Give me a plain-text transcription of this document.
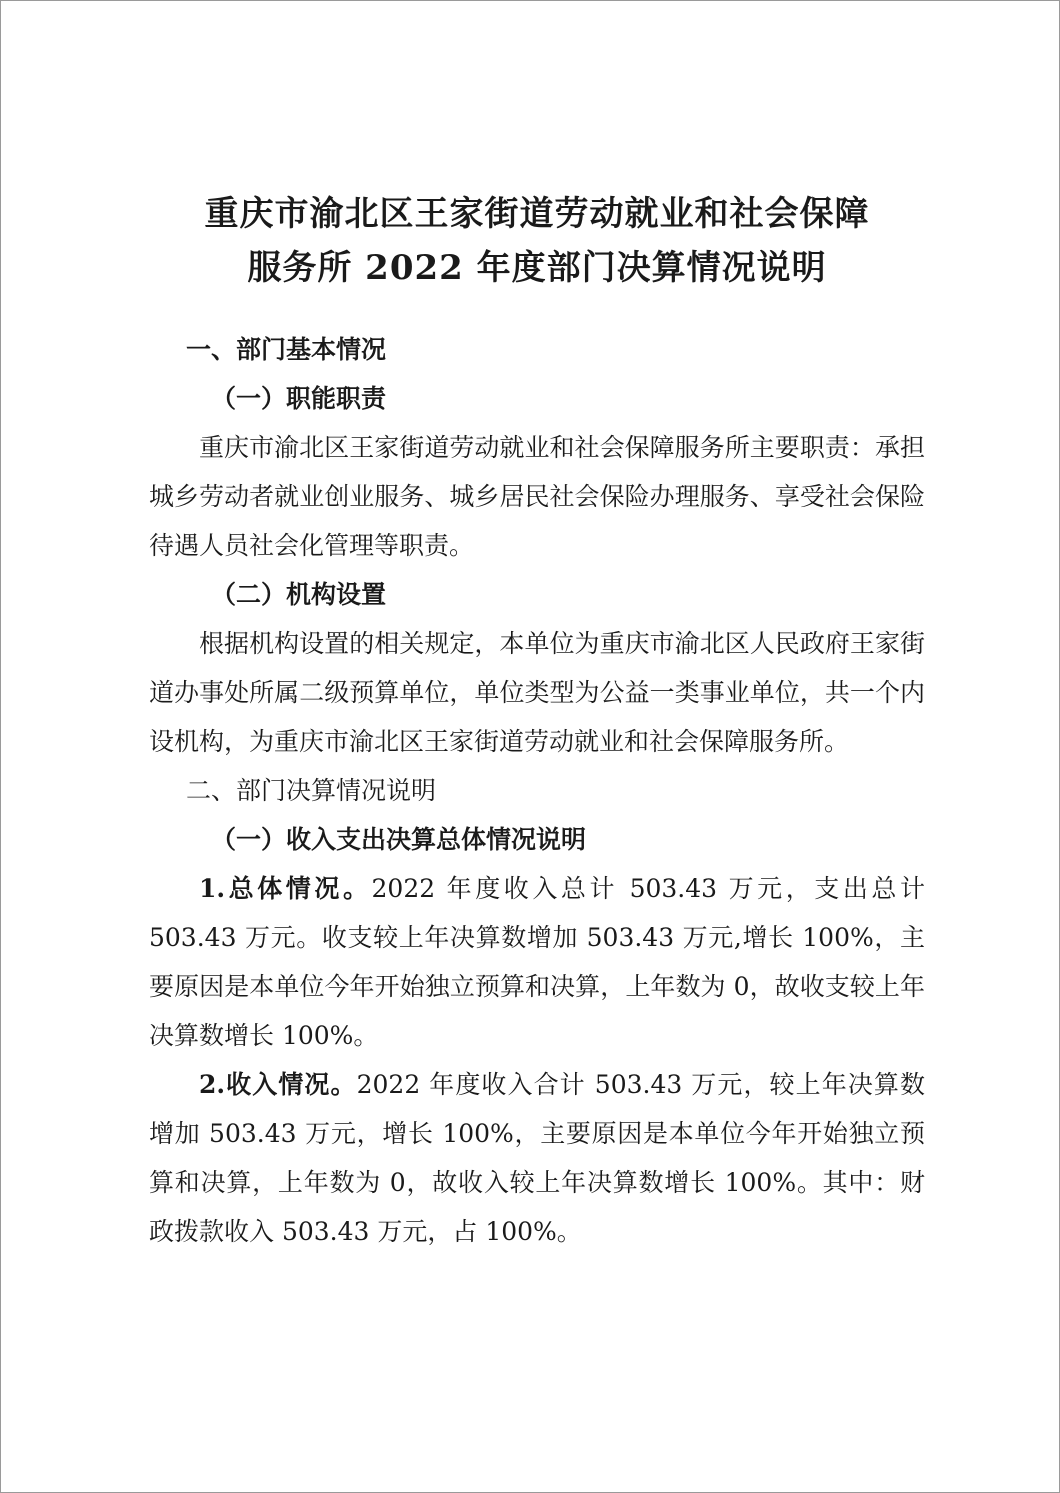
重庆市渝北区王家街道劳动就业和社会保障
服务所 2022 年度部门决算情况说明

一、部门基本情况

（一）职能职责

重庆市渝北区王家街道劳动就业和社会保障服务所主要职责：承担城乡劳动者就业创业服务、城乡居民社会保险办理服务、享受社会保险待遇人员社会化管理等职责。

（二）机构设置

根据机构设置的相关规定，本单位为重庆市渝北区人民政府王家街道办事处所属二级预算单位，单位类型为公益一类事业单位，共一个内设机构，为重庆市渝北区王家街道劳动就业和社会保障服务所。

二、部门决算情况说明

（一）收入支出决算总体情况说明

1.总体情况。2022 年度收入总计 503.43 万元，支出总计 503.43 万元。收支较上年决算数增加 503.43 万元,增长 100%，主要原因是本单位今年开始独立预算和决算，上年数为 0，故收支较上年决算数增长 100%。

2.收入情况。2022 年度收入合计 503.43 万元，较上年决算数增加 503.43 万元，增长 100%，主要原因是本单位今年开始独立预算和决算，上年数为 0，故收入较上年决算数增长 100%。其中：财政拨款收入 503.43 万元，占 100%。
